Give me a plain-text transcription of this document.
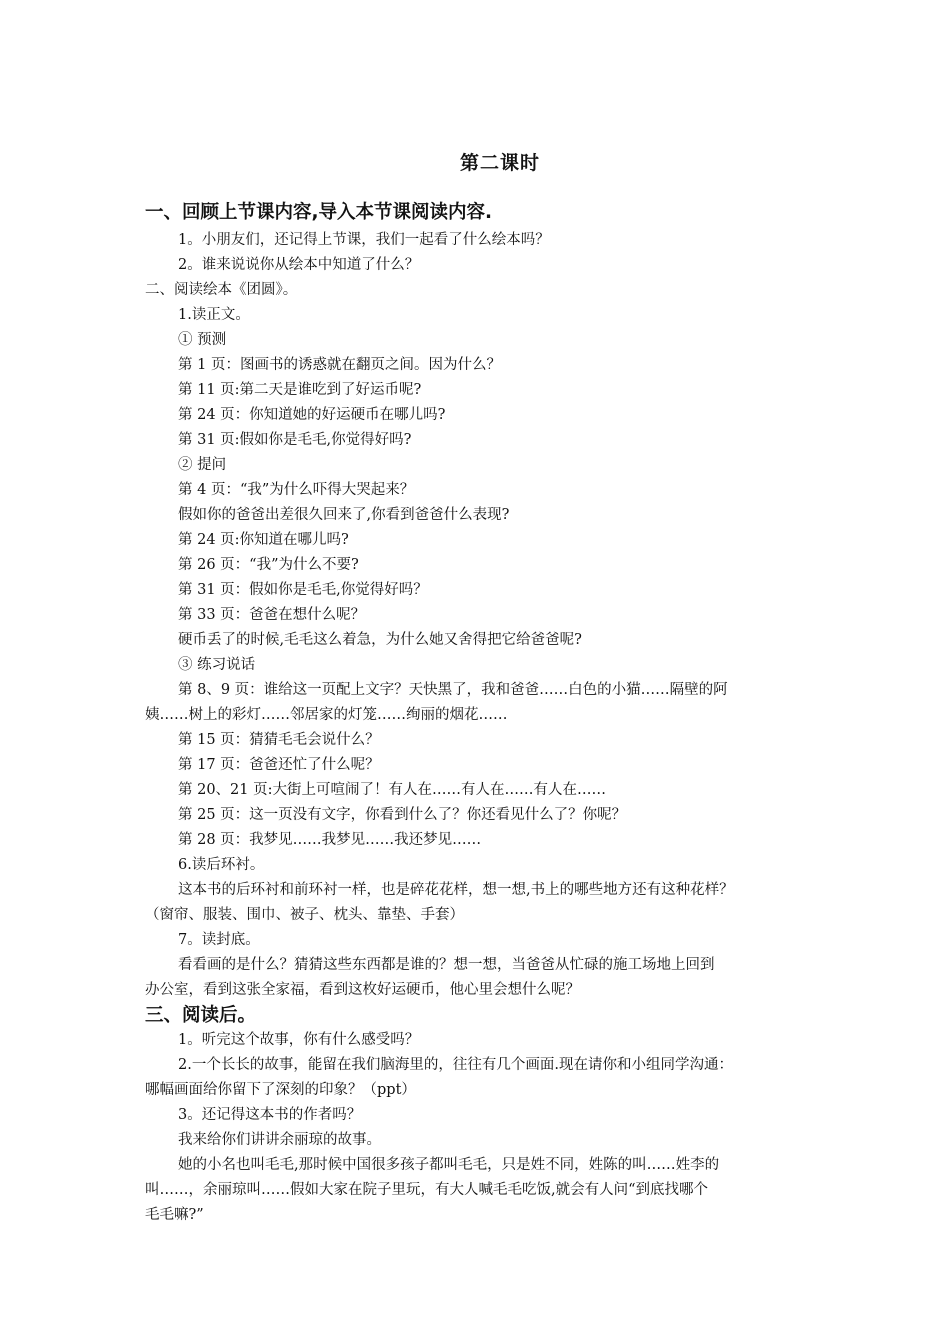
第二课时
一、回顾上节课内容,导入本节课阅读内容.
1。小朋友们，还记得上节课，我们一起看了什么绘本吗？
2。谁来说说你从绘本中知道了什么？
二、阅读绘本《团圆》。
1.读正文。
① 预测
第 1 页：图画书的诱惑就在翻页之间。因为什么？
第 11 页:第二天是谁吃到了好运币呢?
第 24 页：你知道她的好运硬币在哪儿吗?
第 31 页:假如你是毛毛,你觉得好吗?
② 提问
第 4 页：“我”为什么吓得大哭起来？
假如你的爸爸出差很久回来了,你看到爸爸什么表现?
第 24 页:你知道在哪儿吗?
第 26 页：“我”为什么不要?
第 31 页：假如你是毛毛,你觉得好吗？
第 33 页：爸爸在想什么呢？
硬币丢了的时候,毛毛这么着急，为什么她又舍得把它给爸爸呢?
③ 练习说话
第 8、9 页：谁给这一页配上文字？天快黑了，我和爸爸……白色的小猫……隔壁的阿
姨……树上的彩灯……邻居家的灯笼……绚丽的烟花……
第 15 页：猜猜毛毛会说什么？
第 17 页：爸爸还忙了什么呢？
第 20、21 页:大街上可喧闹了！有人在……有人在……有人在……
第 25 页：这一页没有文字，你看到什么了？你还看见什么了？你呢？
第 28 页：我梦见……我梦见……我还梦见……
6.读后环衬。
这本书的后环衬和前环衬一样，也是碎花花样，想一想,书上的哪些地方还有这种花样？
（窗帘、服装、围巾、被子、枕头、靠垫、手套）
7。读封底。
看看画的是什么？猜猜这些东西都是谁的？想一想，当爸爸从忙碌的施工场地上回到
办公室，看到这张全家福，看到这枚好运硬币，他心里会想什么呢？
三、阅读后。
1。听完这个故事，你有什么感受吗？
2.一个长长的故事，能留在我们脑海里的，往往有几个画面.现在请你和小组同学沟通：
哪幅画面给你留下了深刻的印象？（ppt）
3。还记得这本书的作者吗？
我来给你们讲讲余丽琼的故事。
她的小名也叫毛毛,那时候中国很多孩子都叫毛毛，只是姓不同，姓陈的叫……姓李的
叫……，余丽琼叫……假如大家在院子里玩，有大人喊毛毛吃饭,就会有人问“到底找哪个
毛毛嘛?”
